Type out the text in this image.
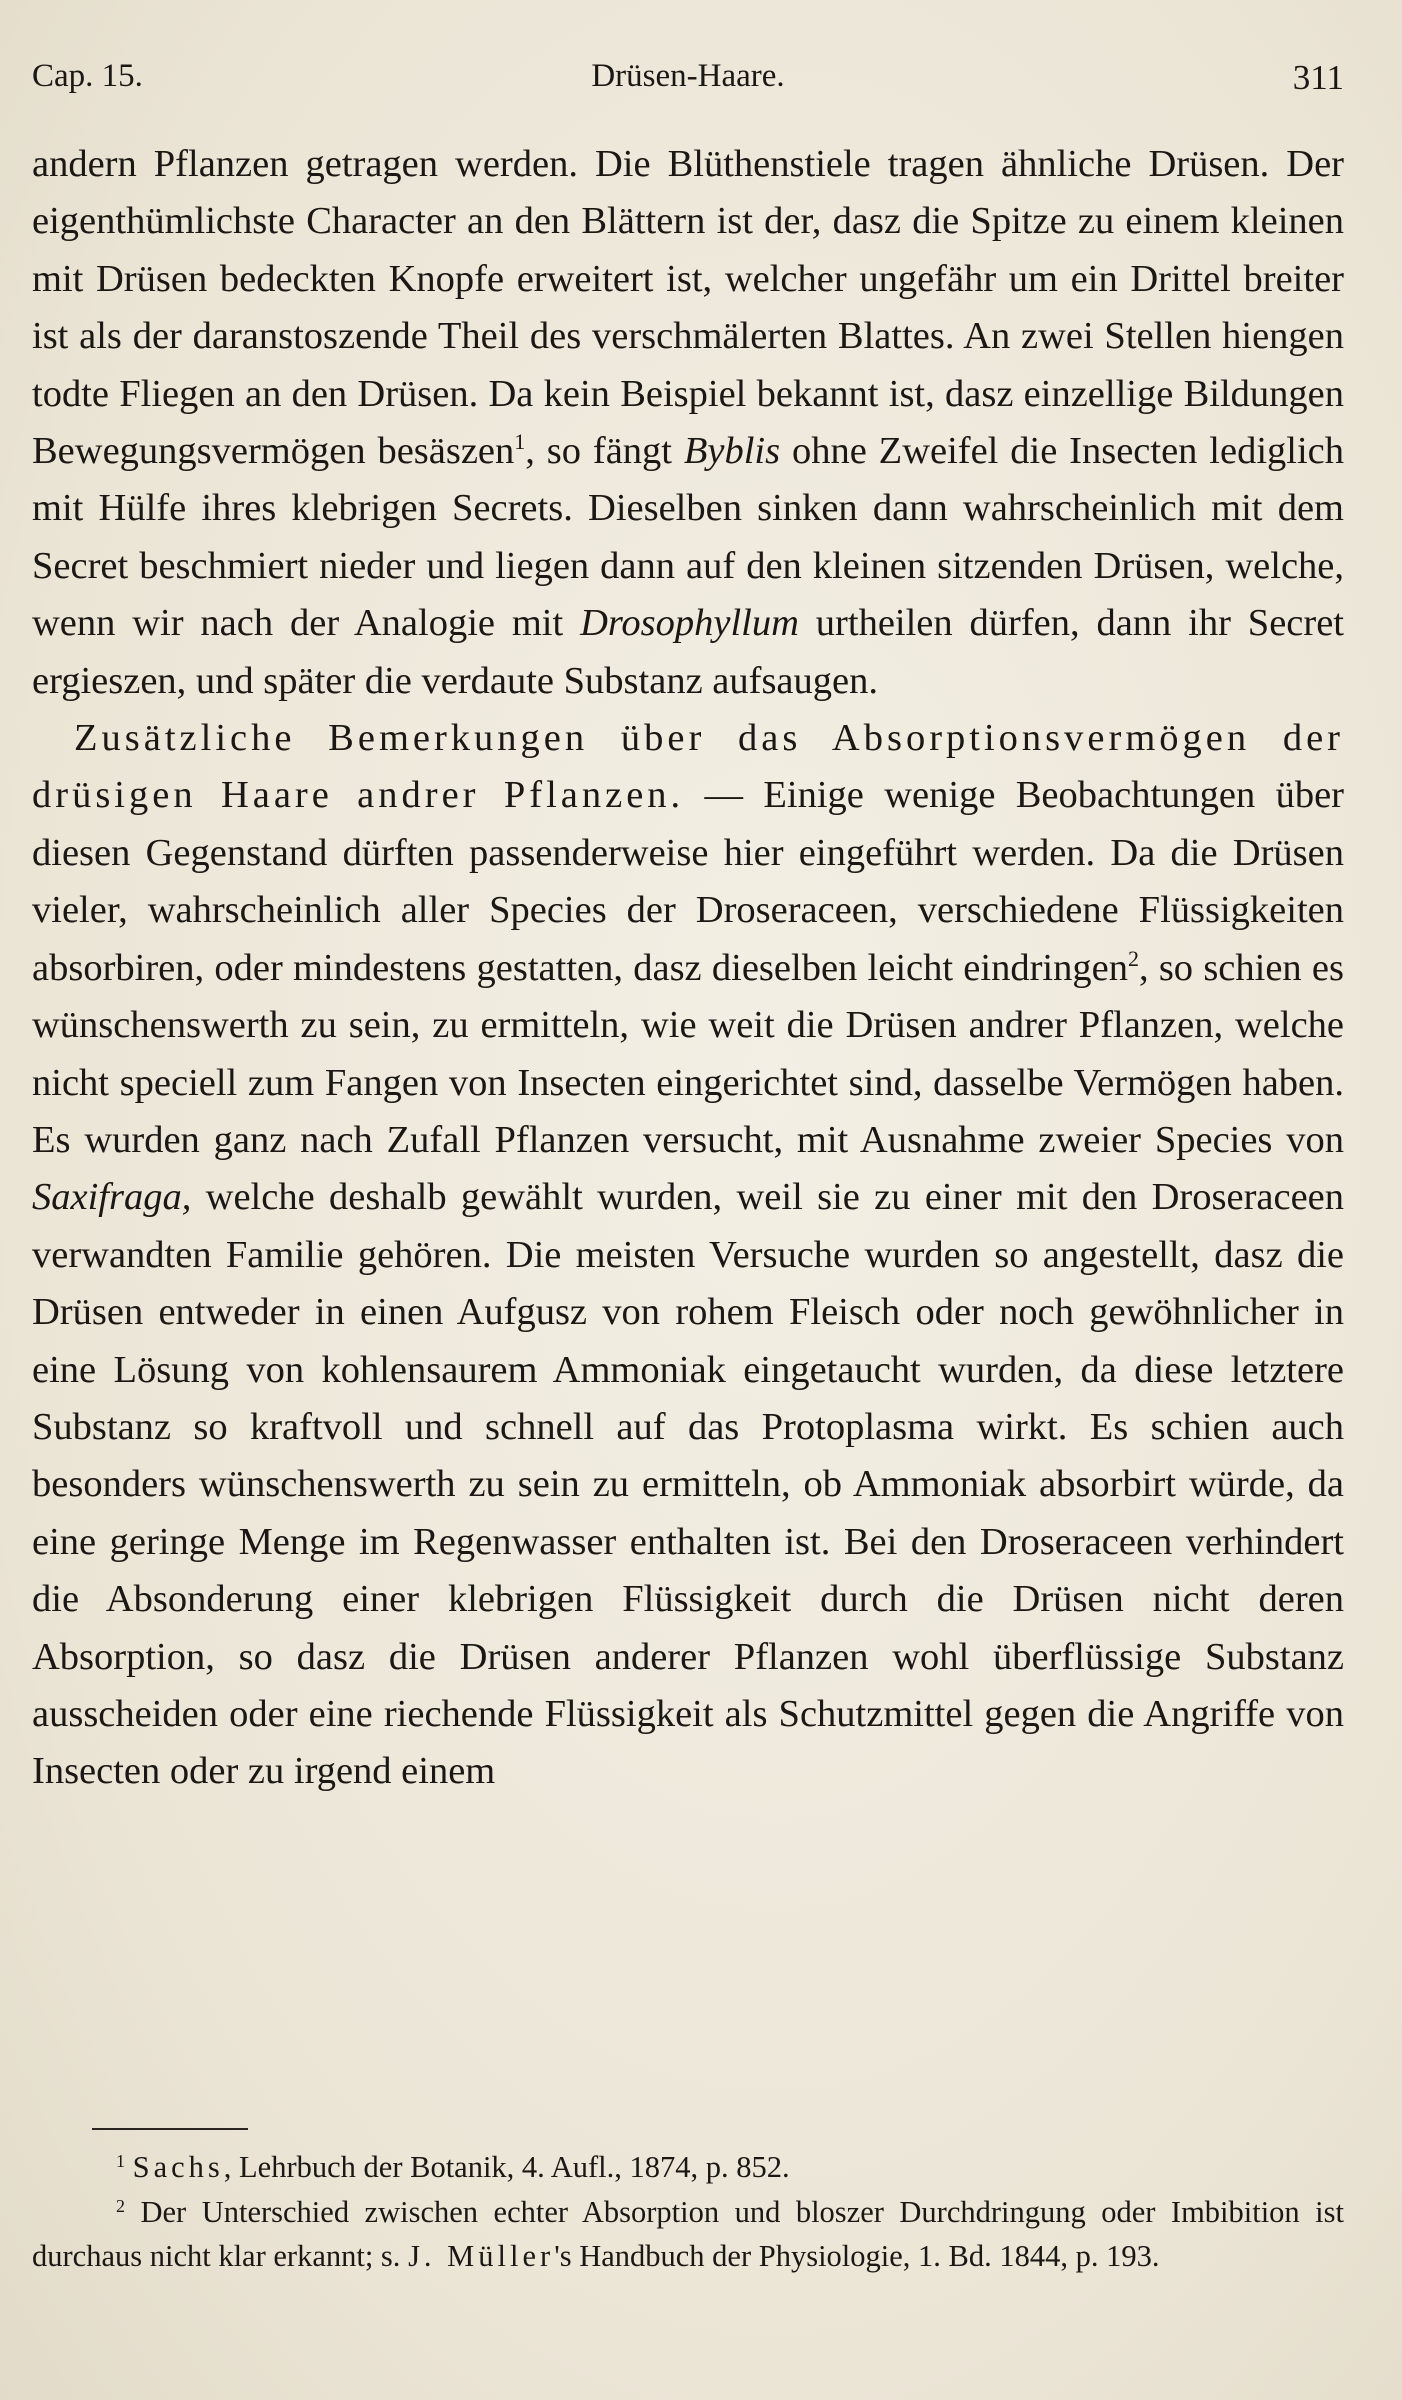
Cap. 15.	Drüsen-Haare.	311

andern Pflanzen getragen werden. Die Blüthenstiele tragen ähnliche Drüsen. Der eigenthümlichste Character an den Blättern ist der, dasz die Spitze zu einem kleinen mit Drüsen bedeckten Knopfe erweitert ist, welcher ungefähr um ein Drittel breiter ist als der daranstoszende Theil des verschmälerten Blattes. An zwei Stellen hiengen todte Fliegen an den Drüsen. Da kein Beispiel bekannt ist, dasz einzellige Bildungen Bewegungsvermögen besäszen$^1$, so fängt Byblis ohne Zweifel die Insecten lediglich mit Hülfe ihres klebrigen Secrets. Dieselben sinken dann wahrscheinlich mit dem Secret beschmiert nieder und liegen dann auf den kleinen sitzenden Drüsen, welche, wenn wir nach der Analogie mit Drosophyllum urtheilen dürfen, dann ihr Secret ergieszen, und später die verdaute Substanz aufsaugen.

Zusätzliche Bemerkungen über das Absorptionsvermögen der drüsigen Haare andrer Pflanzen. — Einige wenige Beobachtungen über diesen Gegenstand dürften passenderweise hier eingeführt werden. Da die Drüsen vieler, wahrscheinlich aller Species der Droseraceen, verschiedene Flüssigkeiten absorbiren, oder mindestens gestatten, dasz dieselben leicht eindringen$^2$, so schien es wünschenswerth zu sein, zu ermitteln, wie weit die Drüsen andrer Pflanzen, welche nicht speciell zum Fangen von Insecten eingerichtet sind, dasselbe Vermögen haben. Es wurden ganz nach Zufall Pflanzen versucht, mit Ausnahme zweier Species von Saxifraga, welche deshalb gewählt wurden, weil sie zu einer mit den Droseraceen verwandten Familie gehören. Die meisten Versuche wurden so angestellt, dasz die Drüsen entweder in einen Aufgusz von rohem Fleisch oder noch gewöhnlicher in eine Lösung von kohlensaurem Ammoniak eingetaucht wurden, da diese letztere Substanz so kraftvoll und schnell auf das Protoplasma wirkt. Es schien auch besonders wünschenswerth zu sein zu ermitteln, ob Ammoniak absorbirt würde, da eine geringe Menge im Regenwasser enthalten ist. Bei den Droseraceen verhindert die Absonderung einer klebrigen Flüssigkeit durch die Drüsen nicht deren Absorption, so dasz die Drüsen anderer Pflanzen wohl überflüssige Substanz ausscheiden oder eine riechende Flüssigkeit als Schutzmittel gegen die Angriffe von Insecten oder zu irgend einem

$^1$ Sachs, Lehrbuch der Botanik, 4. Aufl., 1874, p. 852.

$^2$ Der Unterschied zwischen echter Absorption und bloszer Durchdringung oder Imbibition ist durchaus nicht klar erkannt; s. J. Müller's Handbuch der Physiologie, 1. Bd. 1844, p. 193.
